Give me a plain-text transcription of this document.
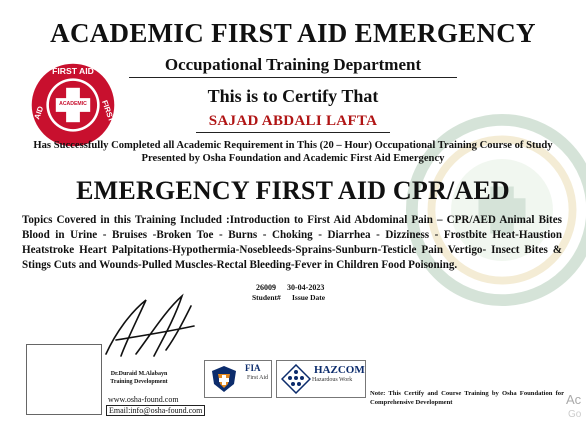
ACADEMIC
FIRST AID
AID	FIRST
ACADEMIC FIRST AID EMERGENCY
Occupational Training Department
This is to Certify That
SAJAD ABDALI LAFTA
Has Successfully Completed all Academic Requirement in This (20 – Hour) Occupational Training Course of Study Presented by Osha Foundation and Academic First Aid Emergency
EMERGENCY FIRST AID CPR/AED
Topics Covered in this Training Included :Introduction to First Aid Abdominal Pain – CPR/AED Animal Bites Blood in Urine - Bruises -Broken Toe - Burns - Choking - Diarrhea - Dizziness - Frostbite Heat-Haustion Heatstroke Heart Palpitations-Hypothermia-Nosebleeds-Sprains-Sunburn-Testicle Pain Vertigo- Insect Bites & Stings Cuts and Wounds-Pulled Muscles-Rectal Bleeding-Fever in Children Food Poisoning.
26009
Student#
30-04-2023
Issue Date
Dr.Duraid M.Alabayn
Training Development
www.osha-found.com
Email:info@osha-found.com
FIA
First Aid
HAZCOM
Hazardous Work
Note: This Certify and Course Training by Osha Foundation for Comprehensive Development	Ac
Go
